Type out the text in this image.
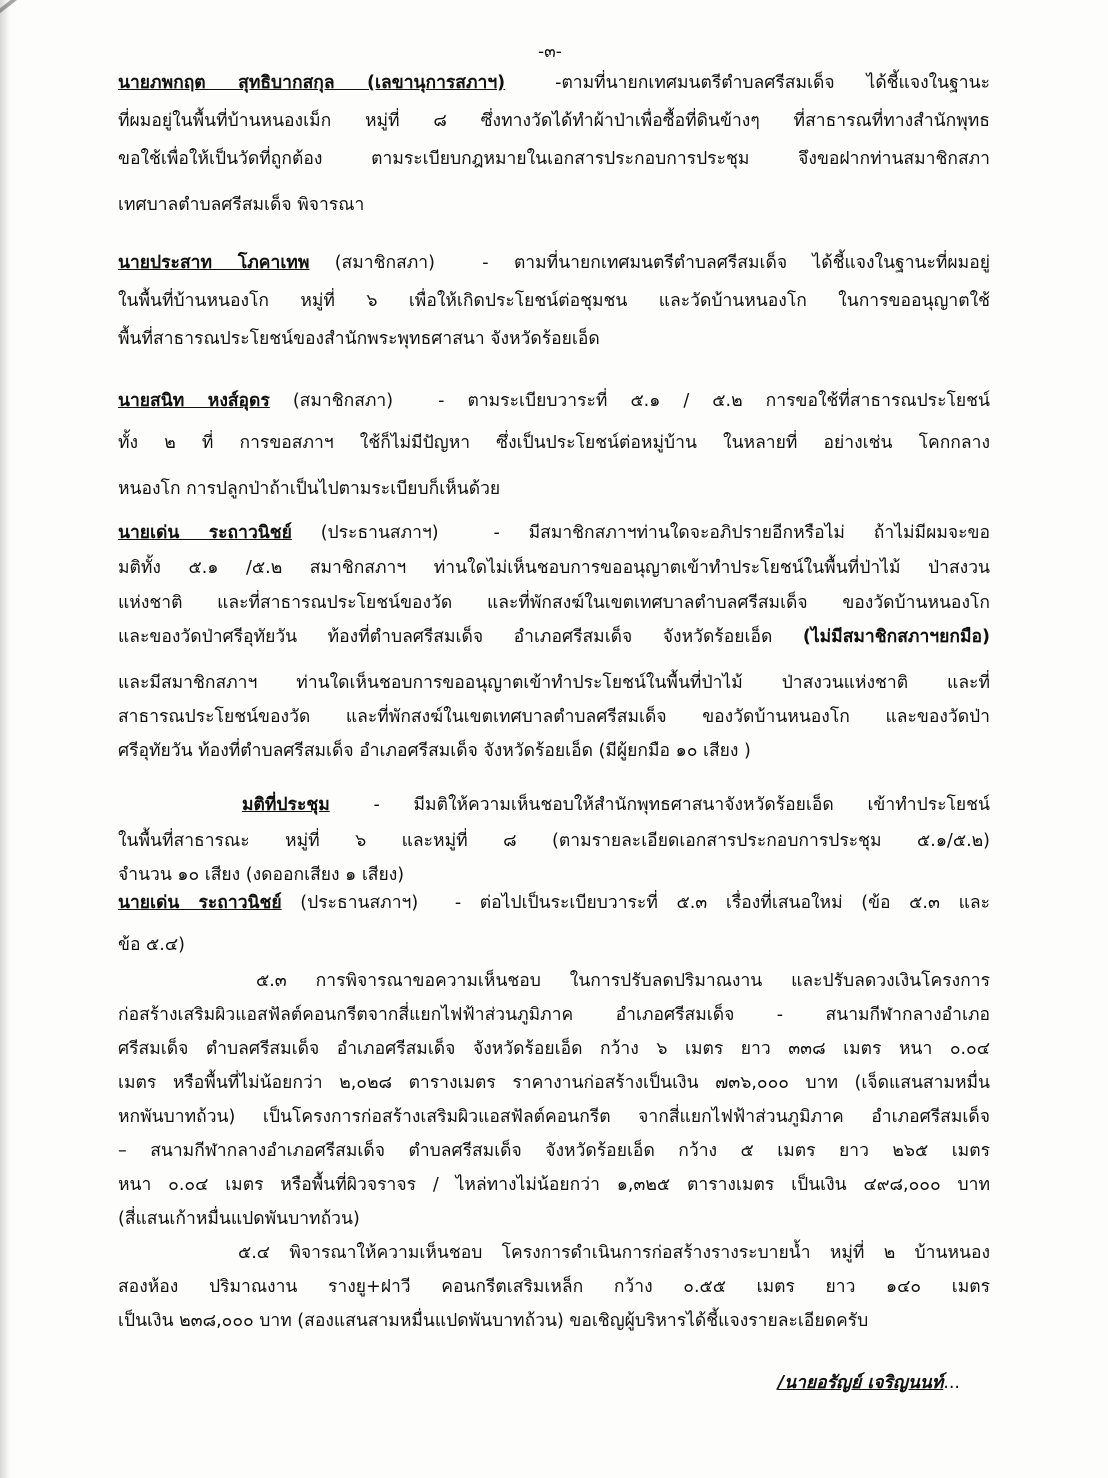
-๓-
นายภพกฤต สุทธิบากสกุล (เลขานุการสภาฯ)	-ตามที่นายกเทศมนตรีตำบลศรีสมเด็จ ได้ชี้แจงในฐานะ
ที่ผมอยู่ในพื้นที่บ้านหนองเม็ก หมู่ที่ ๘ ซึ่งทางวัดได้ทำผ้าป่าเพื่อซื้อที่ดินข้างๆ ที่สาธารณที่ทางสำนักพุทธ
ขอใช้เพื่อให้เป็นวัดที่ถูกต้อง ตามระเบียบกฎหมายในเอกสารประกอบการประชุม จึงขอฝากท่านสมาชิกสภา
เทศบาลตำบลศรีสมเด็จ พิจารณา
นายประสาท โภคาเทพ (สมาชิกสภา)	- ตามที่นายกเทศมนตรีตำบลศรีสมเด็จ ได้ชี้แจงในฐานะที่ผมอยู่
ในพื้นที่บ้านหนองโก หมู่ที่ ๖ เพื่อให้เกิดประโยชน์ต่อชุมชน และวัดบ้านหนองโก ในการขออนุญาตใช้
พื้นที่สาธารณประโยชน์ของสำนักพระพุทธศาสนา จังหวัดร้อยเอ็ด
นายสนิท หงส์อุดร (สมาชิกสภา)	- ตามระเบียบวาระที่ ๕.๑ / ๕.๒ การขอใช้ที่สาธารณประโยชน์
ทั้ง ๒ ที่ การขอสภาฯ ใช้ก็ไม่มีปัญหา ซึ่งเป็นประโยชน์ต่อหมู่บ้าน ในหลายที่ อย่างเช่น โคกกลาง
หนองโก การปลูกป่าถ้าเป็นไปตามระเบียบก็เห็นด้วย
นายเด่น ระถาวนิชย์ (ประธานสภาฯ)	- มีสมาชิกสภาฯท่านใดจะอภิปรายอีกหรือไม่ ถ้าไม่มีผมจะขอ
มติทั้ง ๕.๑ /๕.๒ สมาชิกสภาฯ ท่านใดไม่เห็นชอบการขออนุญาตเข้าทำประโยชน์ในพื้นที่ป่าไม้ ป่าสงวน
แห่งชาติ และที่สาธารณประโยชน์ของวัด และที่พักสงฆ์ในเขตเทศบาลตำบลศรีสมเด็จ ของวัดบ้านหนองโก
และของวัดป่าศรีอุทัยวัน ท้องที่ตำบลศรีสมเด็จ อำเภอศรีสมเด็จ จังหวัดร้อยเอ็ด (ไม่มีสมาชิกสภาฯยกมือ)
และมีสมาชิกสภาฯ ท่านใดเห็นชอบการขออนุญาตเข้าทำประโยชน์ในพื้นที่ป่าไม้ ป่าสงวนแห่งชาติ และที่
สาธารณประโยชน์ของวัด และที่พักสงฆ์ในเขตเทศบาลตำบลศรีสมเด็จ ของวัดบ้านหนองโก และของวัดป่า
ศรีอุทัยวัน ท้องที่ตำบลศรีสมเด็จ อำเภอศรีสมเด็จ จังหวัดร้อยเอ็ด (มีผู้ยกมือ ๑๐ เสียง )
มติที่ประชุม - มีมติให้ความเห็นชอบให้สำนักพุทธศาสนาจังหวัดร้อยเอ็ด เข้าทำประโยชน์
ในพื้นที่สาธารณะ หมู่ที่ ๖ และหมู่ที่ ๘ (ตามรายละเอียดเอกสารประกอบการประชุม ๕.๑/๕.๒)
จำนวน ๑๐ เสียง (งดออกเสียง ๑ เสียง)
นายเด่น ระถาวนิชย์ (ประธานสภาฯ) - ต่อไปเป็นระเบียบวาระที่ ๕.๓ เรื่องที่เสนอใหม่ (ข้อ ๕.๓ และ
ข้อ ๕.๔)
๕.๓ การพิจารณาขอความเห็นชอบ ในการปรับลดปริมาณงาน และปรับลดวงเงินโครงการ
ก่อสร้างเสริมผิวแอสฟัลต์คอนกรีตจากสี่แยกไฟฟ้าส่วนภูมิภาค อำเภอศรีสมเด็จ - สนามกีฬากลางอำเภอ
ศรีสมเด็จ ตำบลศรีสมเด็จ อำเภอศรีสมเด็จ จังหวัดร้อยเอ็ด กว้าง ๖ เมตร ยาว ๓๓๘ เมตร หนา ๐.๐๔
เมตร หรือพื้นที่ไม่น้อยกว่า ๒,๐๒๘ ตารางเมตร ราคางานก่อสร้างเป็นเงิน ๗๓๖,๐๐๐ บาท (เจ็ดแสนสามหมื่น
หกพันบาทถ้วน) เป็นโครงการก่อสร้างเสริมผิวแอสฟัลต์คอนกรีต จากสี่แยกไฟฟ้าส่วนภูมิภาค อำเภอศรีสมเด็จ
– สนามกีฬากลางอำเภอศรีสมเด็จ ตำบลศรีสมเด็จ จังหวัดร้อยเอ็ด กว้าง ๕ เมตร ยาว ๒๖๕ เมตร
หนา ๐.๐๔ เมตร หรือพื้นที่ผิวจราจร / ไหล่ทางไม่น้อยกว่า ๑,๓๒๕ ตารางเมตร เป็นเงิน ๔๙๘,๐๐๐ บาท
(สี่แสนเก้าหมื่นแปดพันบาทถ้วน)
๕.๔ พิจารณาให้ความเห็นชอบ โครงการดำเนินการก่อสร้างรางระบายน้ำ หมู่ที่ ๒ บ้านหนอง
สองห้อง ปริมาณงาน รางยู+ฝาวี คอนกรีตเสริมเหล็ก กว้าง ๐.๕๕ เมตร ยาว ๑๔๐ เมตร
เป็นเงิน ๒๓๘,๐๐๐ บาท (สองแสนสามหมื่นแปดพันบาทถ้วน) ขอเชิญผู้บริหารได้ชี้แจงรายละเอียดครับ
/นายอรัญย์ เจริญนนท์...
